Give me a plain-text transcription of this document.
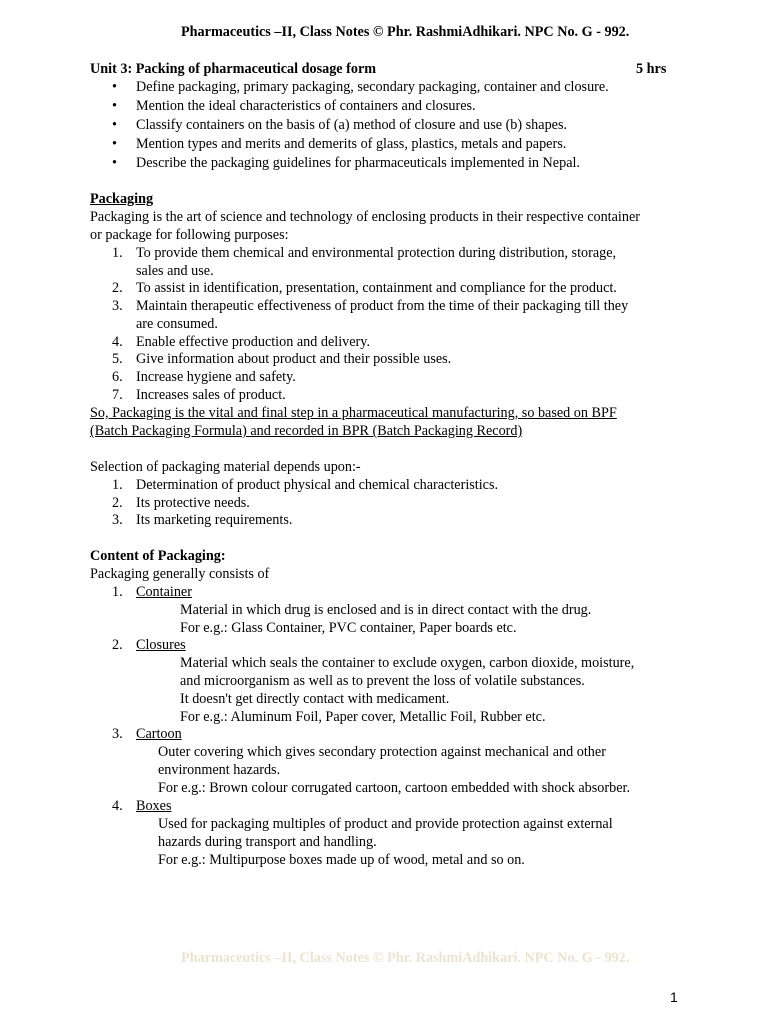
Pharmaceutics –II, Class Notes © Phr. RashmiAdhikari. NPC No. G - 992.
Unit 3: Packing of pharmaceutical dosage form	5 hrs
•
Define packaging, primary packaging, secondary packaging, container and closure.
•
Mention the ideal characteristics of containers and closures.
•
Classify containers on the basis of (a) method of closure and use (b) shapes.
•
Mention types and merits and demerits of glass, plastics, metals and papers.
•
Describe the packaging guidelines for pharmaceuticals implemented in Nepal.
Packaging
Packaging is the art of science and technology of enclosing products in their respective container
or package for following purposes:
1. To provide them chemical and environmental protection during distribution, storage,
sales and use.
2. To assist in identification, presentation, containment and compliance for the product.
3. Maintain therapeutic effectiveness of product from the time of their packaging till they
are consumed.
4. Enable effective production and delivery.
5. Give information about product and their possible uses.
6. Increase hygiene and safety.
7. Increases sales of product.
So, Packaging is the vital and final step in a pharmaceutical manufacturing, so based on BPF
(Batch Packaging Formula) and recorded in BPR (Batch Packaging Record)
Selection of packaging material depends upon:-
1. Determination of product physical and chemical characteristics.
2. Its protective needs.
3. Its marketing requirements.
Content of Packaging:
Packaging generally consists of
1. Container
Material in which drug is enclosed and is in direct contact with the drug.
For e.g.: Glass Container, PVC container, Paper boards etc.
2. Closures
Material which seals the container to exclude oxygen, carbon dioxide, moisture,
and microorganism as well as to prevent the loss of volatile substances.
It doesn't get directly contact with medicament.
For e.g.: Aluminum Foil, Paper cover, Metallic Foil, Rubber etc.
3. Cartoon
Outer covering which gives secondary protection against mechanical and other
environment hazards.
For e.g.: Brown colour corrugated cartoon, cartoon embedded with shock absorber.
4. Boxes
Used for packaging multiples of product and provide protection against external
hazards during transport and handling.
For e.g.: Multipurpose boxes made up of wood, metal and so on.
Pharmaceutics –II, Class Notes © Phr. RashmiAdhikari. NPC No. G - 992.
1
